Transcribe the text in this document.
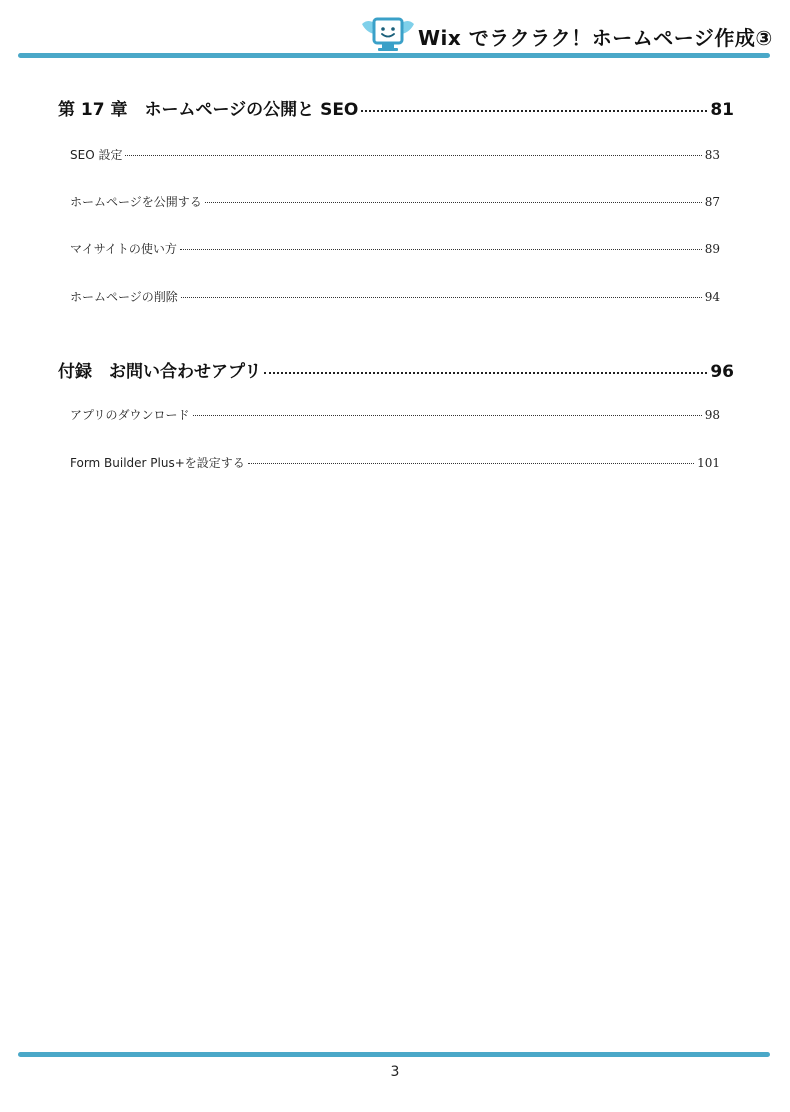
Wix でラクラク！ホームページ作成③
第 17 章　ホームページの公開と SEO	81
SEO 設定	83
ホームページを公開する	87
マイサイトの使い方	89
ホームページの削除	94
付録　お問い合わせアプリ	96
アプリのダウンロード	98
Form Builder Plus+を設定する	101
3
